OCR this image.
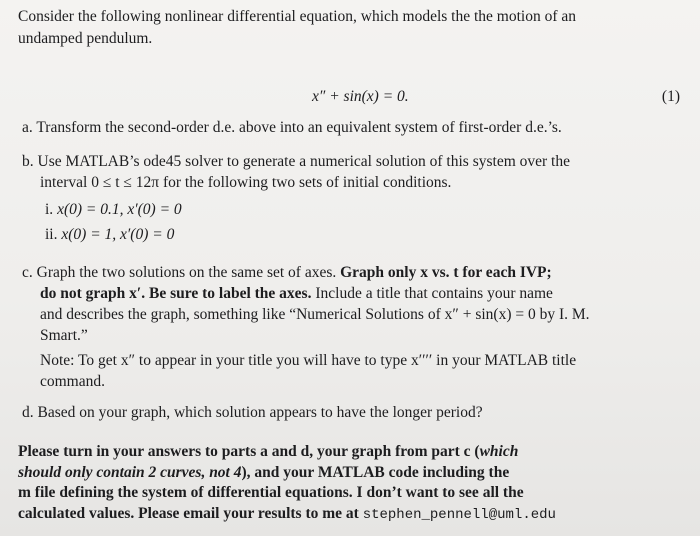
Consider the following nonlinear differential equation, which models the the motion of an

undamped pendulum.

x″ + sin(x) = 0.	(1)
a. Transform the second-order d.e. above into an equivalent system of first-order d.e.’s.
b. Use MATLAB’s ode45 solver to generate a numerical solution of this system over the
interval 0 ≤ t ≤ 12π for the following two sets of initial conditions.
i. x(0) = 0.1, x′(0) = 0
ii. x(0) = 1, x′(0) = 0
c. Graph the two solutions on the same set of axes. Graph only x vs. t for each IVP;
do not graph x′. Be sure to label the axes. Include a title that contains your name
and describes the graph, something like “Numerical Solutions of x″ + sin(x) = 0 by I. M.
Smart.”
Note: To get x″ to appear in your title you will have to type x′′′′ in your MATLAB title
command.
d. Based on your graph, which solution appears to have the longer period?
Please turn in your answers to parts a and d, your graph from part c (which
should only contain 2 curves, not 4), and your MATLAB code including the
m file defining the system of differential equations. I don’t want to see all the
calculated values. Please email your results to me at stephen_pennell@uml.edu
